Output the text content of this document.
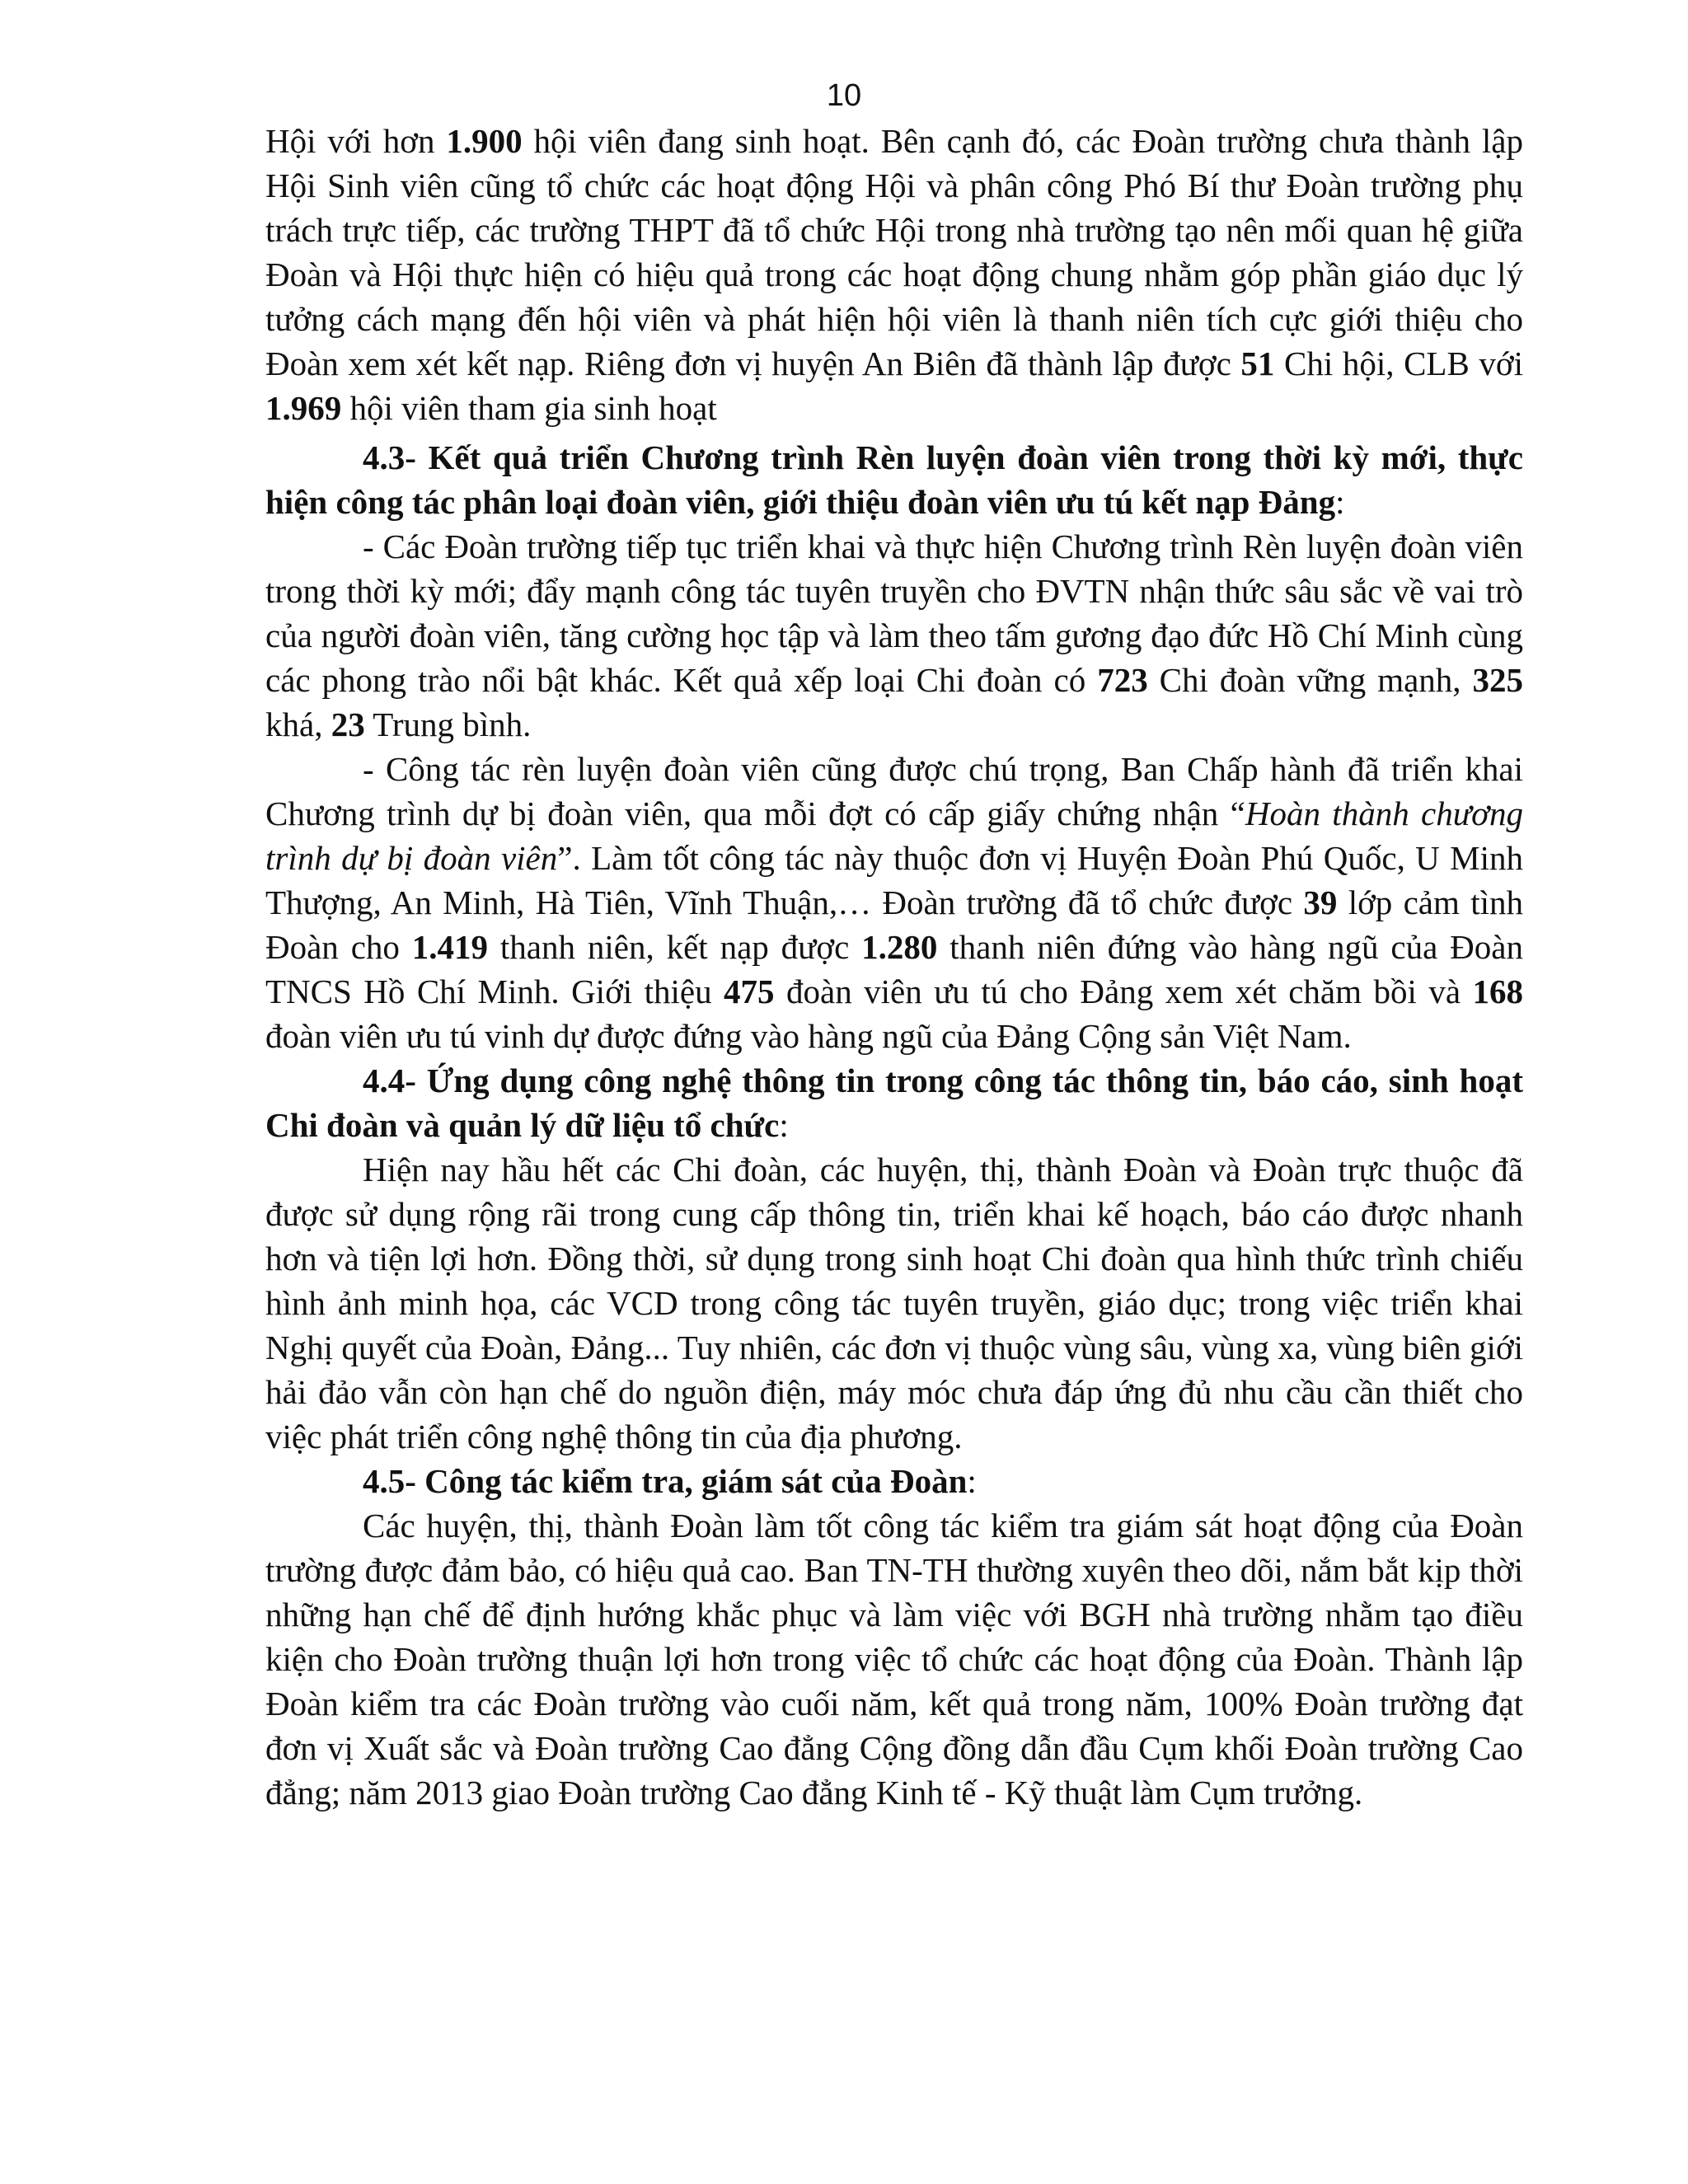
10

Hội với hơn 1.900 hội viên đang sinh hoạt. Bên cạnh đó, các Đoàn trường chưa thành lập Hội Sinh viên cũng tổ chức các hoạt động Hội và phân công Phó Bí thư Đoàn trường phụ trách trực tiếp, các trường THPT đã tổ chức Hội trong nhà trường tạo nên mối quan hệ giữa Đoàn và Hội thực hiện có hiệu quả trong các hoạt động chung nhằm góp phần giáo dục lý tưởng cách mạng đến hội viên và phát hiện hội viên là thanh niên tích cực giới thiệu cho Đoàn xem xét kết nạp. Riêng đơn vị huyện An Biên đã thành lập được 51 Chi hội, CLB với 1.969 hội viên tham gia sinh hoạt

4.3- Kết quả triển Chương trình Rèn luyện đoàn viên trong thời kỳ mới, thực hiện công tác phân loại đoàn viên, giới thiệu đoàn viên ưu tú kết nạp Đảng:

- Các Đoàn trường tiếp tục triển khai và thực hiện Chương trình Rèn luyện đoàn viên trong thời kỳ mới; đẩy mạnh công tác tuyên truyền cho ĐVTN nhận thức sâu sắc về vai trò của người đoàn viên, tăng cường học tập và làm theo tấm gương đạo đức Hồ Chí Minh cùng các phong trào nổi bật khác. Kết quả xếp loại Chi đoàn có 723 Chi đoàn vững mạnh, 325 khá, 23 Trung bình.

- Công tác rèn luyện đoàn viên cũng được chú trọng, Ban Chấp hành đã triển khai Chương trình dự bị đoàn viên, qua mỗi đợt có cấp giấy chứng nhận “Hoàn thành chương trình dự bị đoàn viên”. Làm tốt công tác này thuộc đơn vị Huyện Đoàn Phú Quốc, U Minh Thượng, An Minh, Hà Tiên, Vĩnh Thuận,… Đoàn trường đã tổ chức được 39 lớp cảm tình Đoàn cho 1.419 thanh niên, kết nạp được 1.280 thanh niên đứng vào hàng ngũ của Đoàn TNCS Hồ Chí Minh. Giới thiệu 475 đoàn viên ưu tú cho Đảng xem xét chăm bồi và 168 đoàn viên ưu tú vinh dự được đứng vào hàng ngũ của Đảng Cộng sản Việt Nam.

4.4- Ứng dụng công nghệ thông tin trong công tác thông tin, báo cáo, sinh hoạt Chi đoàn và quản lý dữ liệu tổ chức:

Hiện nay hầu hết các Chi đoàn, các huyện, thị, thành Đoàn và Đoàn trực thuộc đã được sử dụng rộng rãi trong cung cấp thông tin, triển khai kế hoạch, báo cáo được nhanh hơn và tiện lợi hơn. Đồng thời, sử dụng trong sinh hoạt Chi đoàn qua hình thức trình chiếu hình ảnh minh họa, các VCD trong công tác tuyên truyền, giáo dục; trong việc triển khai Nghị quyết của Đoàn, Đảng... Tuy nhiên, các đơn vị thuộc vùng sâu, vùng xa, vùng biên giới hải đảo vẫn còn hạn chế do nguồn điện, máy móc chưa đáp ứng đủ nhu cầu cần thiết cho việc phát triển công nghệ thông tin của địa phương.

4.5- Công tác kiểm tra, giám sát của Đoàn:

Các huyện, thị, thành Đoàn làm tốt công tác kiểm tra giám sát hoạt động của Đoàn trường được đảm bảo, có hiệu quả cao. Ban TN-TH thường xuyên theo dõi, nắm bắt kịp thời những hạn chế để định hướng khắc phục và làm việc với BGH nhà trường nhằm tạo điều kiện cho Đoàn trường thuận lợi hơn trong việc tổ chức các hoạt động của Đoàn. Thành lập Đoàn kiểm tra các Đoàn trường vào cuối năm, kết quả trong năm, 100% Đoàn trường đạt đơn vị Xuất sắc và Đoàn trường Cao đẳng Cộng đồng dẫn đầu Cụm khối Đoàn trường Cao đẳng; năm 2013 giao Đoàn trường Cao đẳng Kinh tế - Kỹ thuật làm Cụm trưởng.
